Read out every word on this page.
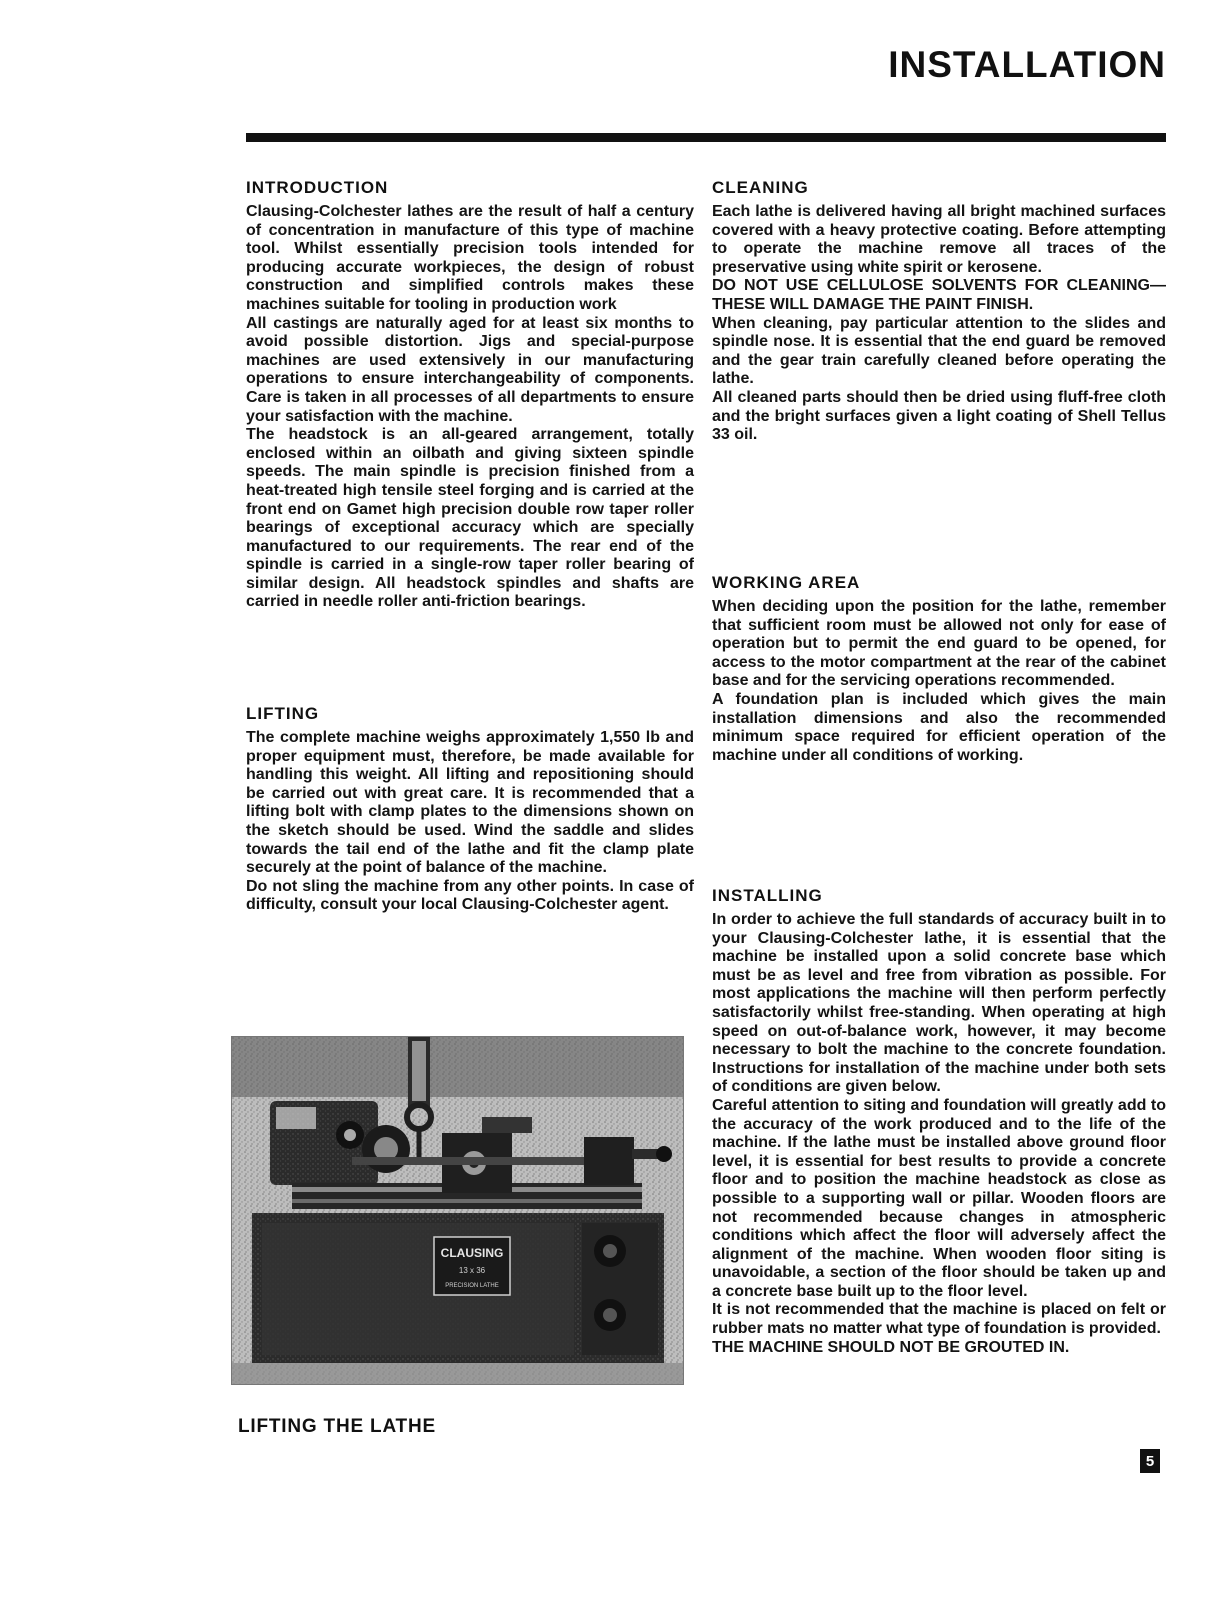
INSTALLATION
INTRODUCTION

Clausing-Colchester lathes are the result of half a century of concentration in manufacture of this type of machine tool. Whilst essentially precision tools intended for producing accurate workpieces, the design of robust construction and simplified controls makes these machines suitable for tooling in production work
All castings are naturally aged for at least six months to avoid possible distortion. Jigs and special-purpose machines are used extensively in our manufacturing operations to ensure interchangeability of components. Care is taken in all processes of all departments to ensure your satisfaction with the machine.
The headstock is an all-geared arrangement, totally enclosed within an oilbath and giving sixteen spindle speeds. The main spindle is precision finished from a heat-treated high tensile steel forging and is carried at the front end on Gamet high precision double row taper roller bearings of exceptional accuracy which are specially manufactured to our requirements. The rear end of the spindle is carried in a single-row taper roller bearing of similar design. All headstock spindles and shafts are carried in needle roller anti-friction bearings.

LIFTING

The complete machine weighs approximately 1,550 lb and proper equipment must, therefore, be made available for handling this weight. All lifting and repositioning should be carried out with great care. It is recommended that a lifting bolt with clamp plates to the dimensions shown on the sketch should be used. Wind the saddle and slides towards the tail end of the lathe and fit the clamp plate securely at the point of balance of the machine.
Do not sling the machine from any other points. In case of difficulty, consult your local Clausing-Colchester agent.

CLEANING

Each lathe is delivered having all bright machined surfaces covered with a heavy protective coating. Before attempting to operate the machine remove all traces of the preservative using white spirit or kerosene.
DO NOT USE CELLULOSE SOLVENTS FOR CLEANING—THESE WILL DAMAGE THE PAINT FINISH.
When cleaning, pay particular attention to the slides and spindle nose. It is essential that the end guard be removed and the gear train carefully cleaned before operating the lathe.
All cleaned parts should then be dried using fluff-free cloth and the bright surfaces given a light coating of Shell Tellus 33 oil.

WORKING AREA

When deciding upon the position for the lathe, remember that sufficient room must be allowed not only for ease of operation but to permit the end guard to be opened, for access to the motor compartment at the rear of the cabinet base and for the servicing operations recommended.
A foundation plan is included which gives the main installation dimensions and also the recommended minimum space required for efficient operation of the machine under all conditions of working.

INSTALLING

In order to achieve the full standards of accuracy built in to your Clausing-Colchester lathe, it is essential that the machine be installed upon a solid concrete base which must be as level and free from vibration as possible. For most applications the machine will then perform perfectly satisfactorily whilst free-standing. When operating at high speed on out-of-balance work, however, it may become necessary to bolt the machine to the concrete foundation. Instructions for installation of the machine under both sets of conditions are given below.
Careful attention to siting and foundation will greatly add to the accuracy of the work produced and to the life of the machine. If the lathe must be installed above ground floor level, it is essential for best results to provide a concrete floor and to position the machine headstock as close as possible to a supporting wall or pillar. Wooden floors are not recommended because changes in atmospheric conditions which affect the floor will adversely affect the alignment of the machine. When wooden floor siting is unavoidable, a section of the floor should be taken up and a concrete base built up to the floor level.
It is not recommended that the machine is placed on felt or rubber mats no matter what type of foundation is provided.
THE MACHINE SHOULD NOT BE GROUTED IN.

CLAUSING
13 x 36
PRECISION LATHE
LIFTING THE LATHE
5
